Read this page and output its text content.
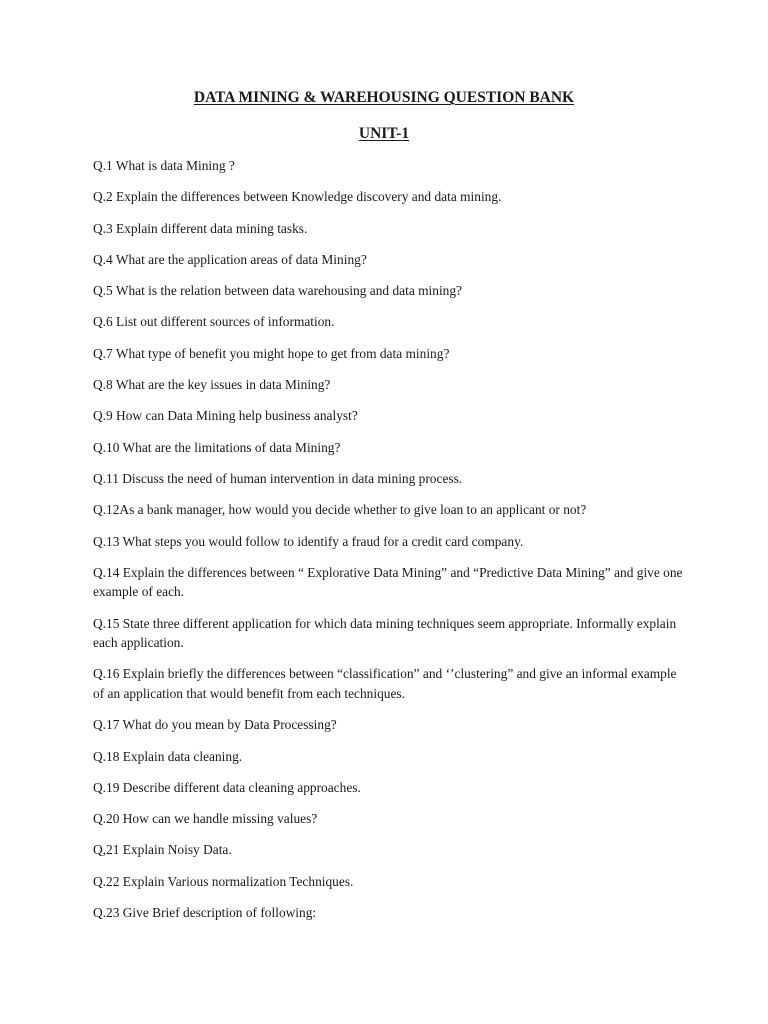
DATA MINING & WAREHOUSING QUESTION BANK
UNIT-1
Q.1 What is data Mining ?
Q.2 Explain the differences between Knowledge discovery and data mining.
Q.3 Explain different data mining tasks.
Q.4 What are the application areas of data Mining?
Q.5 What is the relation between data warehousing and data mining?
Q.6 List out different sources of information.
Q.7 What type of benefit you might hope to get from data mining?
Q.8 What are the key issues in data Mining?
Q.9 How can Data Mining help business analyst?
Q.10 What are the limitations of data Mining?
Q.11 Discuss the need of human intervention in data mining process.
Q.12As a bank manager, how would you decide whether to give loan to an applicant or not?
Q.13 What steps you would follow to identify a fraud for a credit card company.
Q.14 Explain the differences between “ Explorative Data Mining” and “Predictive Data Mining” and give one example of each.
Q.15 State three different application for which data mining techniques seem appropriate. Informally explain each application.
Q.16 Explain briefly the differences between “classification” and ‘’clustering” and give an informal example of an application that would benefit from each techniques.
Q.17 What do you mean by Data Processing?
Q.18 Explain data cleaning.
Q.19 Describe different data cleaning approaches.
Q.20 How can we handle missing values?
Q,21 Explain Noisy Data.
Q.22 Explain Various normalization Techniques.
Q.23 Give Brief description of following:
